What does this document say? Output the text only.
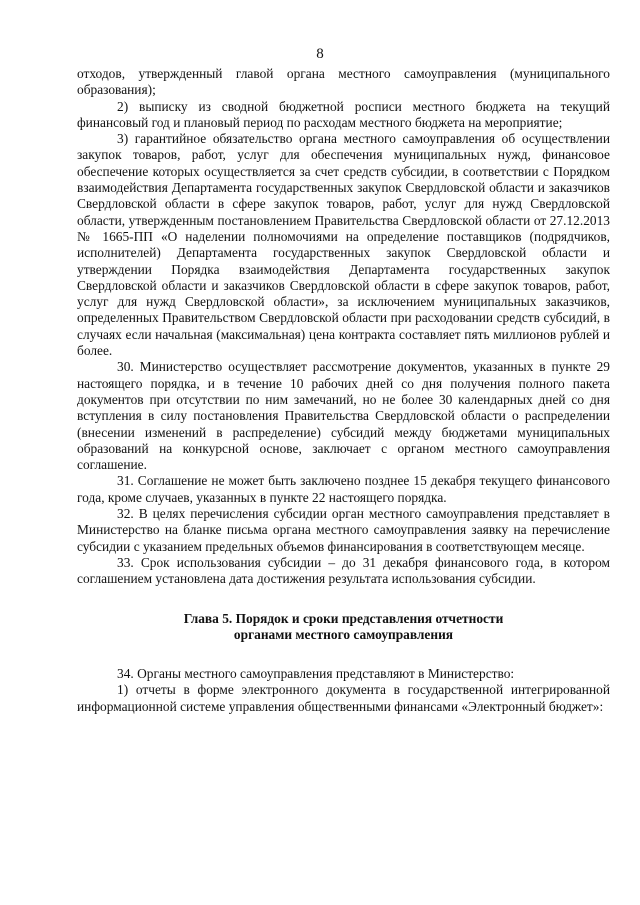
8

отходов, утвержденный главой органа местного самоуправления (муниципального образования);

2) выписку из сводной бюджетной росписи местного бюджета на текущий финансовый год и плановый период по расходам местного бюджета на мероприятие;

3) гарантийное обязательство органа местного самоуправления об осуществлении закупок товаров, работ, услуг для обеспечения муниципальных нужд, финансовое обеспечение которых осуществляется за счет средств субсидии, в соответствии с Порядком взаимодействия Департамента государственных закупок Свердловской области и заказчиков Свердловской области в сфере закупок товаров, работ, услуг для нужд Свердловской области, утвержденным постановлением Правительства Свердловской области от 27.12.2013 № 1665-ПП «О наделении полномочиями на определение поставщиков (подрядчиков, исполнителей) Департамента государственных закупок Свердловской области и утверждении Порядка взаимодействия Департамента государственных закупок Свердловской области и заказчиков Свердловской области в сфере закупок товаров, работ, услуг для нужд Свердловской области», за исключением муниципальных заказчиков, определенных Правительством Свердловской области при расходовании средств субсидий, в случаях если начальная (максимальная) цена контракта составляет пять миллионов рублей и более.

30. Министерство осуществляет рассмотрение документов, указанных в пункте 29 настоящего порядка, и в течение 10 рабочих дней со дня получения полного пакета документов при отсутствии по ним замечаний, но не более 30 календарных дней со дня вступления в силу постановления Правительства Свердловской области о распределении (внесении изменений в распределение) субсидий между бюджетами муниципальных образований на конкурсной основе, заключает с органом местного самоуправления соглашение.

31. Соглашение не может быть заключено позднее 15 декабря текущего финансового года, кроме случаев, указанных в пункте 22 настоящего порядка.

32. В целях перечисления субсидии орган местного самоуправления представляет в Министерство на бланке письма органа местного самоуправления заявку на перечисление субсидии с указанием предельных объемов финансирования в соответствующем месяце.

33. Срок использования субсидии – до 31 декабря финансового года, в котором соглашением установлена дата достижения результата использования субсидии.

Глава 5. Порядок и сроки представления отчетности
органами местного самоуправления

34. Органы местного самоуправления представляют в Министерство:

1) отчеты в форме электронного документа в государственной интегрированной информационной системе управления общественными финансами «Электронный бюджет»:
